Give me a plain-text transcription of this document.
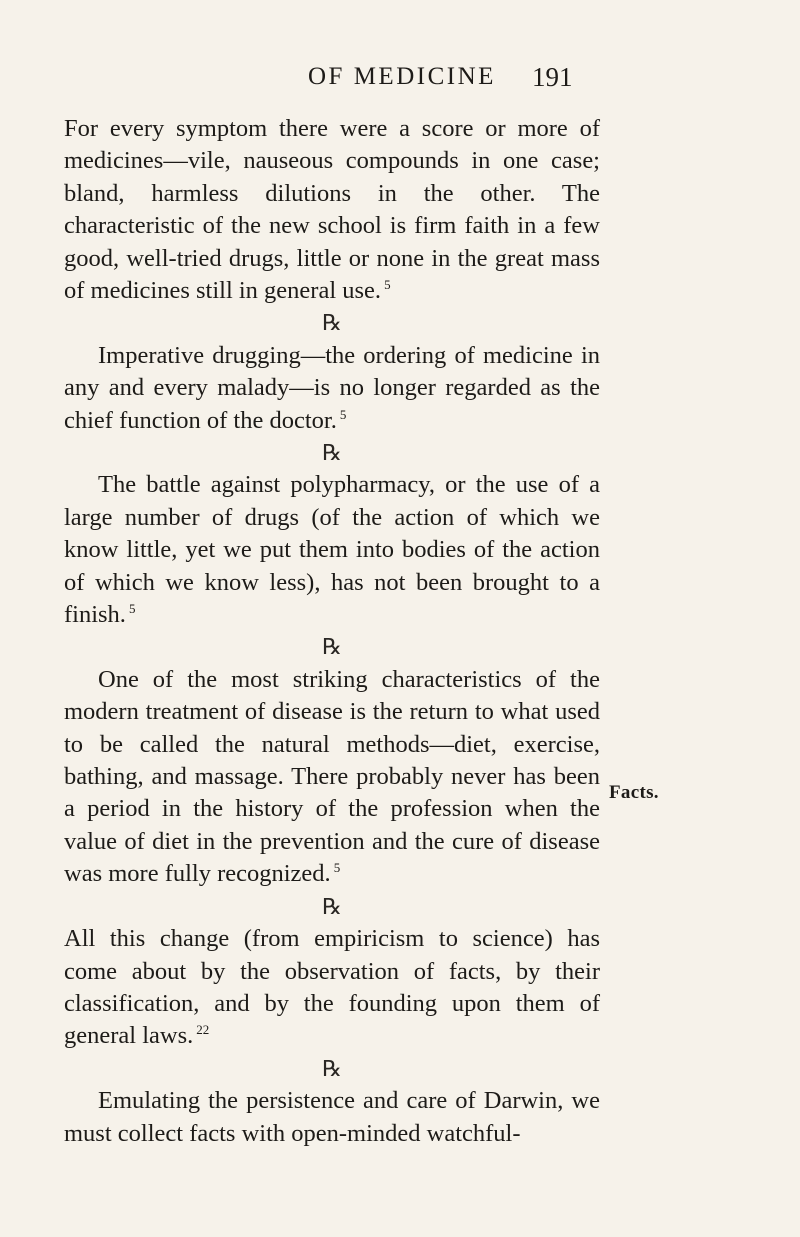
OF MEDICINE 191

For every symptom there were a score or more of medicines—vile, nauseous compounds in one case; bland, harmless dilutions in the other. The characteristic of the new school is firm faith in a few good, well-tried drugs, little or none in the great mass of medicines still in general use. $^5$

℞

Imperative drugging—the ordering of medicine in any and every malady—is no longer regarded as the chief function of the doctor. $^5$

℞

The battle against polypharmacy, or the use of a large number of drugs (of the action of which we know little, yet we put them into bodies of the action of which we know less), has not been brought to a finish. $^5$

℞

One of the most striking characteristics of the modern treatment of disease is the return to what used to be called the natural methods—diet, exercise, bathing, and massage. There probably never has been a period in the history of the profession when the value of diet in the prevention and the cure of disease was more fully recognized. $^5$

℞

All this change (from empiricism to science) has come about by the observation of facts, by their classification, and by the founding upon them of general laws. $^{22}$

℞

Emulating the persistence and care of Darwin, we must collect facts with open-minded watchful-

Facts.
